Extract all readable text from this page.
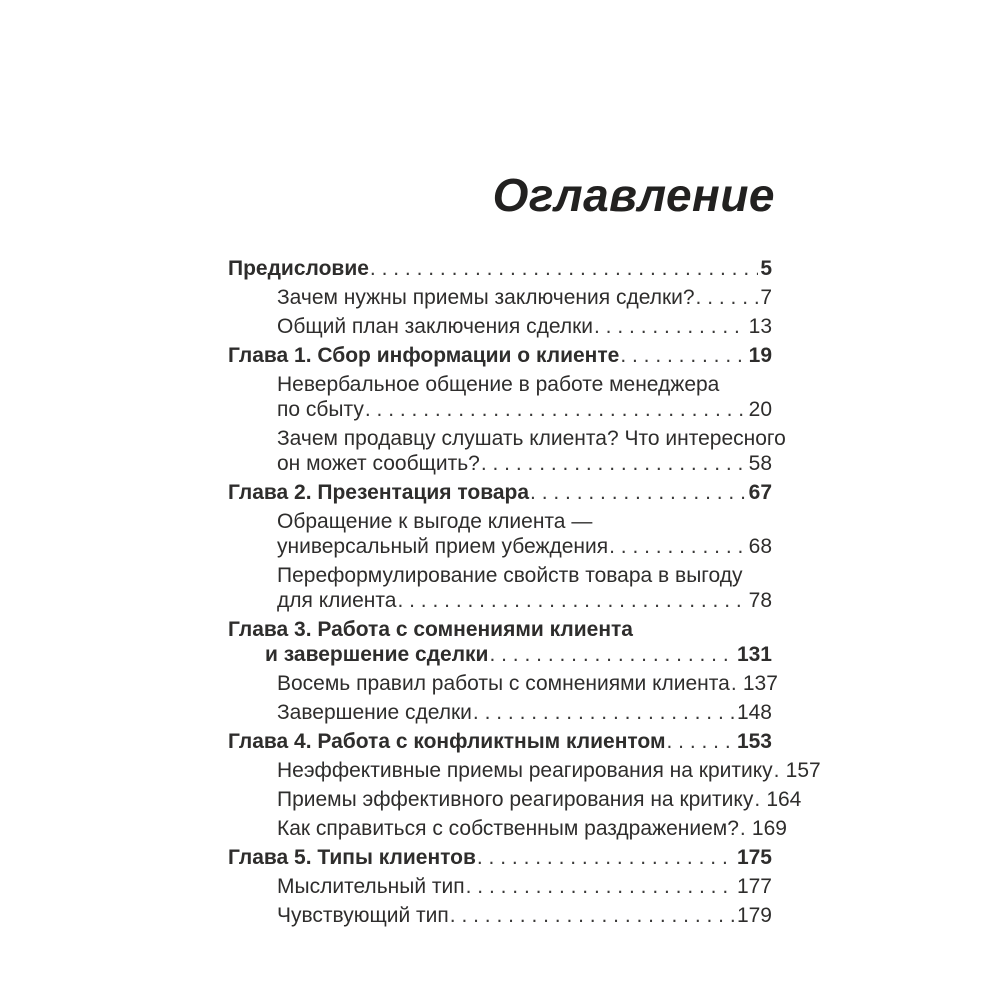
Оглавление
Предисловие . . .	5
Зачем нужны приемы заключения сделки? . . .	7
Общий план заключения сделки . . .	13
Глава 1. Сбор информации о клиенте . . .	19
Невербальное общение в работе менеджера
по сбыту . . .	20
Зачем продавцу слушать клиента? Что интересного
он может сообщить? . . .	58
Глава 2. Презентация товара . . .	67
Обращение к выгоде клиента —
универсальный прием убеждения . . .	68
Переформулирование свойств товара в выгоду
для клиента . . .	78
Глава 3. Работа с сомнениями клиента
и завершение сделки . . .	131
Восемь правил работы с сомнениями клиента . . . 137
Завершение сделки . . .	148
Глава 4. Работа с конфликтным клиентом . . .	153
Неэффективные приемы реагирования на критику . . . 157
Приемы эффективного реагирования на критику . . . 164
Как справиться с собственным раздражением? . . . 169
Глава 5. Типы клиентов . . .	175
Мыслительный тип . . .	177
Чувствующий тип . . .	179
